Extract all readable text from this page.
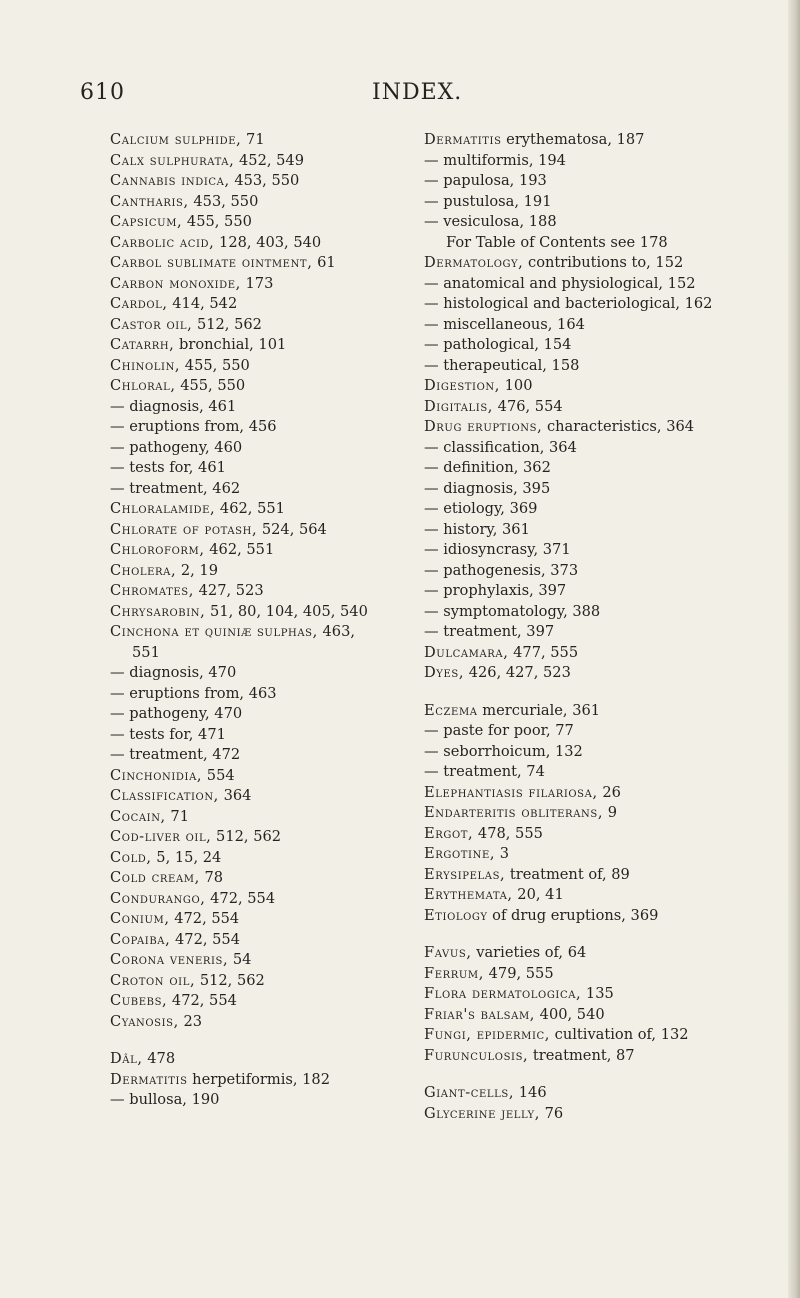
610	INDEX.
Calcium sulphide, 71
Calx sulphurata, 452, 549
Cannabis indica, 453, 550
Cantharis, 453, 550
Capsicum, 455, 550
Carbolic acid, 128, 403, 540
Carbol sublimate ointment, 61
Carbon monoxide, 173
Cardol, 414, 542
Castor oil, 512, 562
Catarrh, bronchial, 101
Chinolin, 455, 550
Chloral, 455, 550
— diagnosis, 461
— eruptions from, 456
— pathogeny, 460
— tests for, 461
— treatment, 462
Chloralamide, 462, 551
Chlorate of potash, 524, 564
Chloroform, 462, 551
Cholera, 2, 19
Chromates, 427, 523
Chrysarobin, 51, 80, 104, 405, 540
Cinchona et quiniæ sulphas, 463,
551
— diagnosis, 470
— eruptions from, 463
— pathogeny, 470
— tests for, 471
— treatment, 472
Cinchonidia, 554
Classification, 364
Cocain, 71
Cod-liver oil, 512, 562
Cold, 5, 15, 24
Cold cream, 78
Condurango, 472, 554
Conium, 472, 554
Copaiba, 472, 554
Corona veneris, 54
Croton oil, 512, 562
Cubebs, 472, 554
Cyanosis, 23
Dâl, 478
Dermatitis herpetiformis, 182
— bullosa, 190
Dermatitis erythematosa, 187
— multiformis, 194
— papulosa, 193
— pustulosa, 191
— vesiculosa, 188
For Table of Contents see 178
Dermatology, contributions to, 152
— anatomical and physiological, 152
— histological and bacteriological, 162
— miscellaneous, 164
— pathological, 154
— therapeutical, 158
Digestion, 100
Digitalis, 476, 554
Drug eruptions, characteristics, 364
— classification, 364
— definition, 362
— diagnosis, 395
— etiology, 369
— history, 361
— idiosyncrasy, 371
— pathogenesis, 373
— prophylaxis, 397
— symptomatology, 388
— treatment, 397
Dulcamara, 477, 555
Dyes, 426, 427, 523
Eczema mercuriale, 361
— paste for poor, 77
— seborrhoicum, 132
— treatment, 74
Elephantiasis filariosa, 26
Endarteritis obliterans, 9
Ergot, 478, 555
Ergotine, 3
Erysipelas, treatment of, 89
Erythemata, 20, 41
Etiology of drug eruptions, 369
Favus, varieties of, 64
Ferrum, 479, 555
Flora dermatologica, 135
Friar's balsam, 400, 540
Fungi, epidermic, cultivation of, 132
Furunculosis, treatment, 87
Giant-cells, 146
Glycerine jelly, 76
